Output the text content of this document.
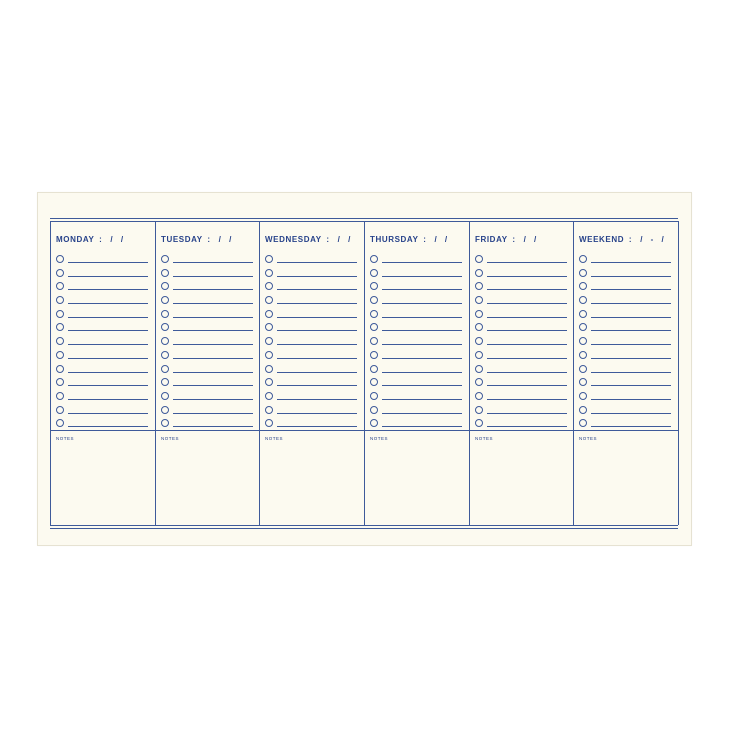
MONDAY : / /
NOTES
TUESDAY : / /
NOTES
WEDNESDAY : / /
NOTES
THURSDAY : / /
NOTES
FRIDAY : / /
NOTES
WEEKEND : / - /
NOTES
